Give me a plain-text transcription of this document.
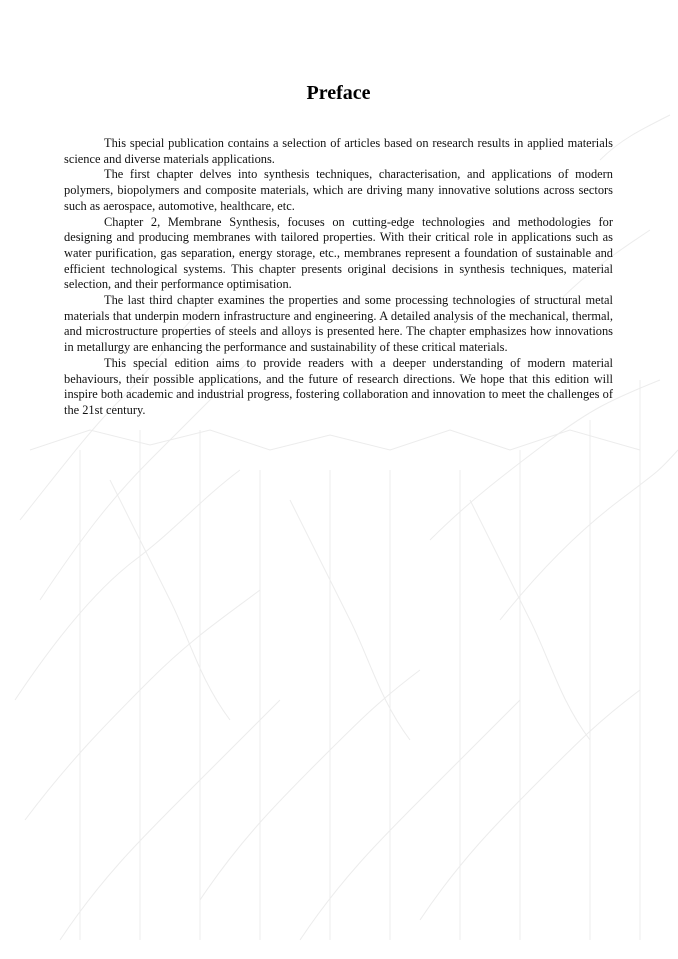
Preface

This special publication contains a selection of articles based on research results in applied materials science and diverse materials applications.

The first chapter delves into synthesis techniques, characterisation, and applications of modern polymers, biopolymers and composite materials, which are driving many innovative solutions across sectors such as aerospace, automotive, healthcare, etc.

Chapter 2, Membrane Synthesis, focuses on cutting-edge technologies and methodologies for designing and producing membranes with tailored properties. With their critical role in applications such as water purification, gas separation, energy storage, etc., membranes represent a foundation of sustainable and efficient technological systems. This chapter presents original decisions in synthesis techniques, material selection, and their performance optimisation.

The last third chapter examines the properties and some processing technologies of structural metal materials that underpin modern infrastructure and engineering. A detailed analysis of the mechanical, thermal, and microstructure properties of steels and alloys is presented here. The chapter emphasizes how innovations in metallurgy are enhancing the performance and sustainability of these critical materials.

This special edition aims to provide readers with a deeper understanding of modern material behaviours, their possible applications, and the future of research directions. We hope that this edition will inspire both academic and industrial progress, fostering collaboration and innovation to meet the challenges of the 21st century.
